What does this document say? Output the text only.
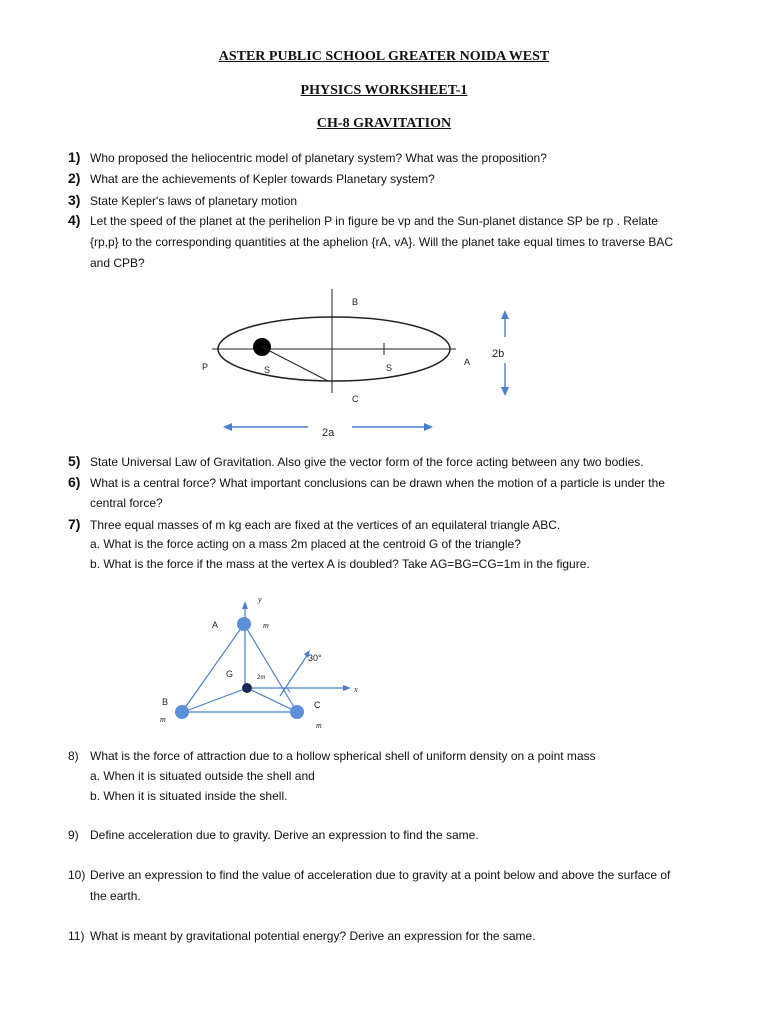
ASTER PUBLIC SCHOOL GREATER NOIDA WEST
PHYSICS WORKSHEET-1
CH-8 GRAVITATION
1) Who proposed the heliocentric model of planetary system? What was the proposition?
2) What are the achievements of Kepler towards Planetary system?
3) State Kepler's laws of planetary motion
4) Let the speed of the planet at the perihelion P in figure be vp and the Sun-planet distance SP be rp . Relate
{rp,p} to the corresponding quantities at the aphelion {rA, vA}. Will the planet take equal times to traverse BAC
and CPB?
B
P	S	S
A
C
2b
2a
5) State Universal Law of Gravitation. Also give the vector form of the force acting between any two bodies.
6) What is a central force? What important conclusions can be drawn when the motion of a particle is under the
central force?
7) Three equal masses of m kg each are fixed at the vertices of an equilateral triangle ABC.
a. What is the force acting on a mass 2m placed at the centroid G of the triangle?
b. What is the force if the mass at the vertex A is doubled? Take AG=BG=CG=1m in the figure.
y
A	m
G	2m
30°
x
B
m
C
m
8) What is the force of attraction due to a hollow spherical shell of uniform density on a point mass
a. When it is situated outside the shell and
b. When it is situated inside the shell.
9) Define acceleration due to gravity. Derive an expression to find the same.
10) Derive an expression to find the value of acceleration due to gravity at a point below and above the surface of
the earth.
11) What is meant by gravitational potential energy? Derive an expression for the same.
